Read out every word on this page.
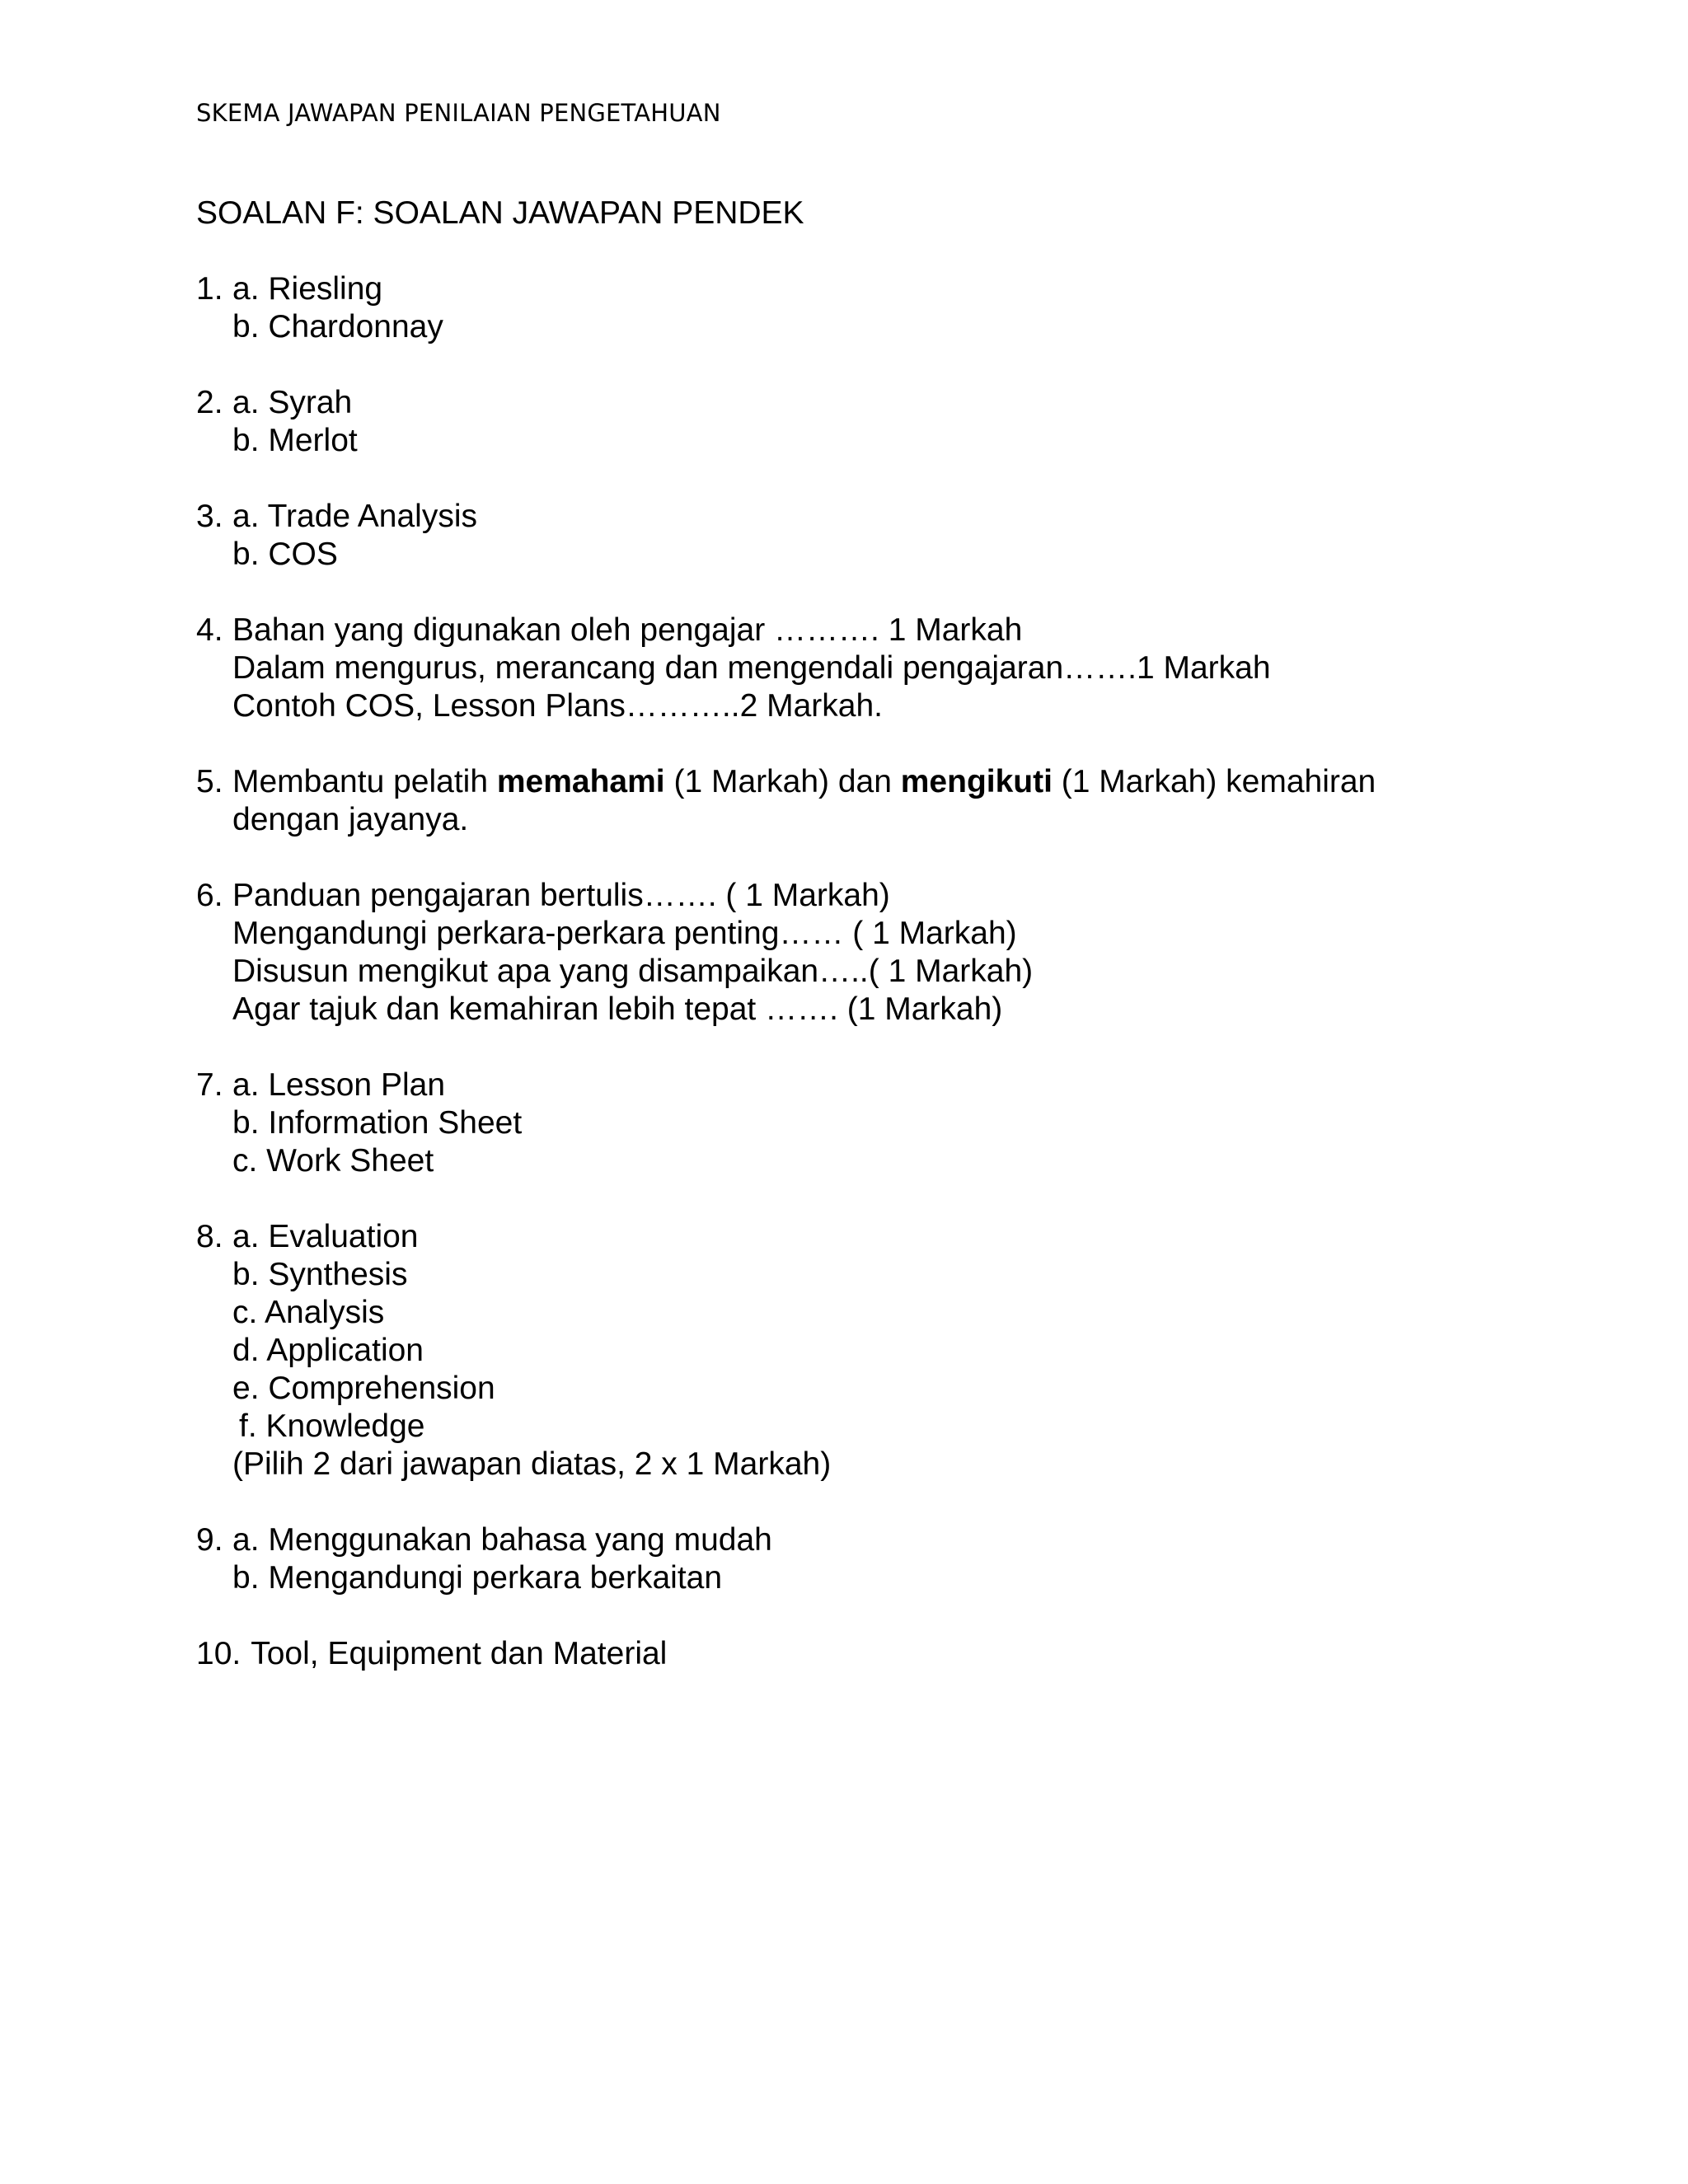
SKEMA JAWAPAN PENILAIAN PENGETAHUAN
SOALAN F: SOALAN JAWAPAN PENDEK
1. a. Riesling
b. Chardonnay
2. a. Syrah
b. Merlot
3. a. Trade Analysis
b. COS
4. Bahan yang digunakan oleh pengajar ………. 1 Markah
Dalam mengurus, merancang dan mengendali pengajaran…….1 Markah
Contoh COS, Lesson Plans………..2 Markah.
5. Membantu pelatih memahami (1 Markah) dan mengikuti (1 Markah) kemahiran
dengan jayanya.
6. Panduan pengajaran bertulis……. ( 1 Markah)
Mengandungi perkara-perkara penting…… ( 1 Markah)
Disusun mengikut apa yang disampaikan…..( 1 Markah)
Agar tajuk dan kemahiran lebih tepat ……. (1 Markah)
7. a. Lesson Plan
b. Information Sheet
c. Work Sheet
8. a. Evaluation
b. Synthesis
c. Analysis
d. Application
e. Comprehension
f. Knowledge
(Pilih 2 dari jawapan diatas, 2 x 1 Markah)
9. a. Menggunakan bahasa yang mudah
b. Mengandungi perkara berkaitan
10. Tool, Equipment dan Material
